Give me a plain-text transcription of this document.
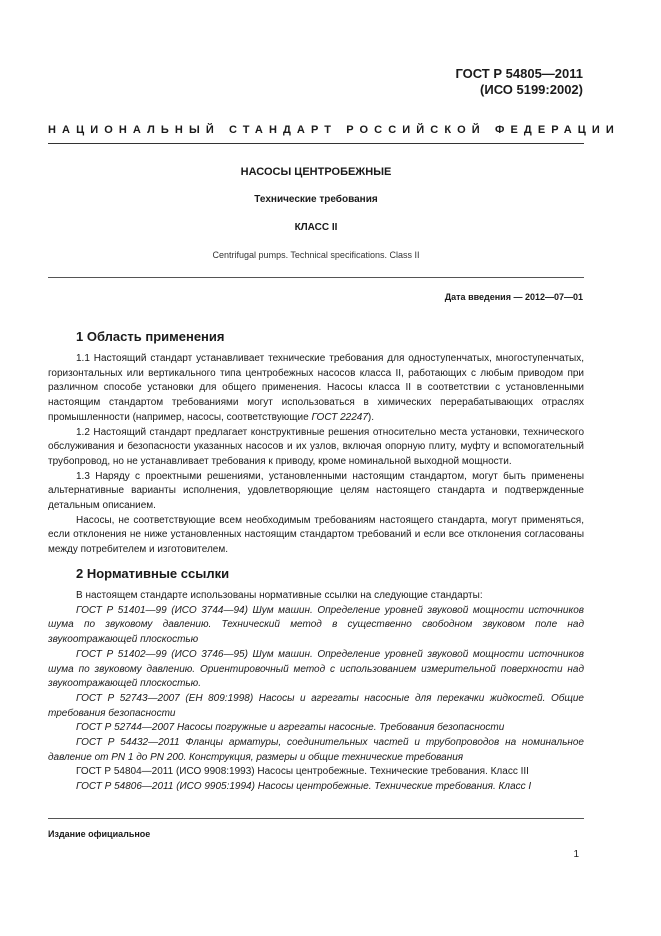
ГОСТ Р 54805—2011
(ИСО 5199:2002)
НАЦИОНАЛЬНЫЙ СТАНДАРТ РОССИЙСКОЙ ФЕДЕРАЦИИ
НАСОСЫ ЦЕНТРОБЕЖНЫЕ
Технические требования
КЛАСС II
Centrifugal pumps. Technical specifications. Class II
Дата введения — 2012—07—01
1 Область применения

1.1 Настоящий стандарт устанавливает технические требования для одноступенчатых, многоступенчатых, горизонтальных или вертикального типа центробежных насосов класса II, работающих с любым приводом при различном способе установки для общего применения. Насосы класса II в соответствии с установленными настоящим стандартом требованиями могут использоваться в химических перерабатывающих отраслях промышленности (например, насосы, соответствующие ГОСТ 22247).

1.2 Настоящий стандарт предлагает конструктивные решения относительно места установки, технического обслуживания и безопасности указанных насосов и их узлов, включая опорную плиту, муфту и вспомогательный трубопровод, но не устанавливает требования к приводу, кроме номинальной выходной мощности.

1.3 Наряду с проектными решениями, установленными настоящим стандартом, могут быть применены альтернативные варианты исполнения, удовлетворяющие целям настоящего стандарта и подтвержденные детальным описанием.

Насосы, не соответствующие всем необходимым требованиям настоящего стандарта, могут применяться, если отклонения не ниже установленных настоящим стандартом требований и если все отклонения согласованы между потребителем и изготовителем.

2 Нормативные ссылки

В настоящем стандарте использованы нормативные ссылки на следующие стандарты:

ГОСТ Р 51401—99 (ИСО 3744—94) Шум машин. Определение уровней звуковой мощности источников шума по звуковому давлению. Технический метод в существенно свободном звуковом поле над звукоотражающей плоскостью

ГОСТ Р 51402—99 (ИСО 3746—95) Шум машин. Определение уровней звуковой мощности источников шума по звуковому давлению. Ориентировочный метод с использованием измерительной поверхности над звукоотражающей плоскостью.

ГОСТ Р 52743—2007 (ЕН 809:1998) Насосы и агрегаты насосные для перекачки жидкостей. Общие требования безопасности

ГОСТ Р 52744—2007 Насосы погружные и агрегаты насосные. Требования безопасности

ГОСТ Р 54432—2011 Фланцы арматуры, соединительных частей и трубопроводов на номинальное давление от PN 1 до PN 200. Конструкция, размеры и общие технические требования

ГОСТ Р 54804—2011 (ИСО 9908:1993) Насосы центробежные. Технические требования. Класс III

ГОСТ Р 54806—2011 (ИСО 9905:1994) Насосы центробежные. Технические требования. Класс I

Издание официальное
1
